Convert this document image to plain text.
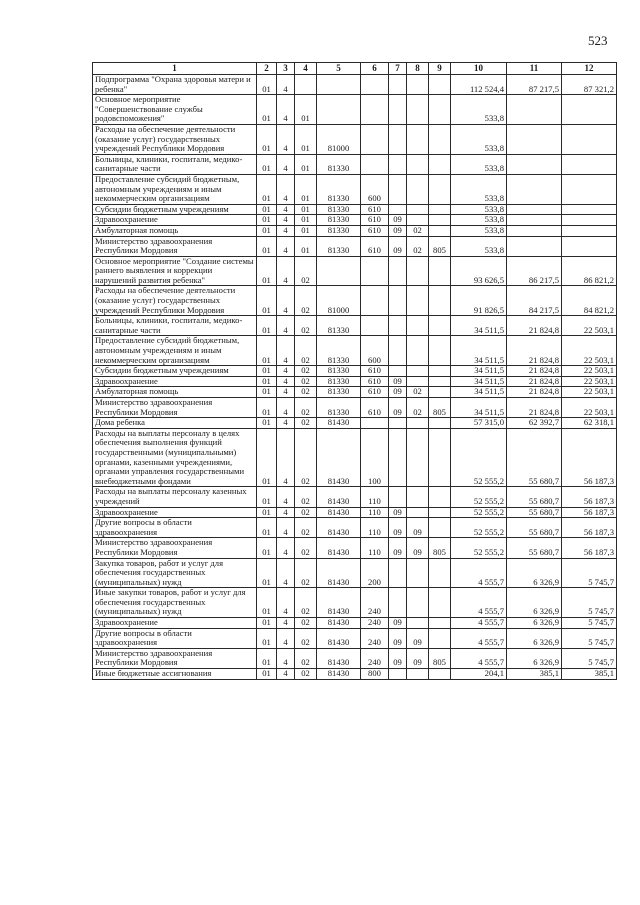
523
1	2	3	4	5	6	7	8	9	10	11	12
Подпрограмма "Охрана здоровья матери и ребенка"	01	4							112 524,4	87 217,5	87 321,2
Основное мероприятие "Совершенствование службы родовспоможения"	01	4	01						533,8		
Расходы на обеспечение деятельности (оказание услуг) государственных учреждений Республики Мордовия	01	4	01	81000					533,8		
Больницы, клиники, госпитали, медико-санитарные части	01	4	01	81330					533,8		
Предоставление субсидий бюджетным, автономным учреждениям и иным некоммерческим организациям	01	4	01	81330	600				533,8		
Субсидии бюджетным учреждениям	01	4	01	81330	610				533,8		
Здравоохранение	01	4	01	81330	610	09			533,8		
Амбулаторная помощь	01	4	01	81330	610	09	02		533,8		
Министерство здравоохранения Республики Мордовия	01	4	01	81330	610	09	02	805	533,8		
Основное мероприятие "Создание системы раннего выявления и коррекции нарушений развития ребенка"	01	4	02						93 626,5	86 217,5	86 821,2
Расходы на обеспечение деятельности (оказание услуг) государственных учреждений Республики Мордовия	01	4	02	81000					91 826,5	84 217,5	84 821,2
Больницы, клиники, госпитали, медико-санитарные части	01	4	02	81330					34 511,5	21 824,8	22 503,1
Предоставление субсидий бюджетным, автономным учреждениям и иным некоммерческим организациям	01	4	02	81330	600				34 511,5	21 824,8	22 503,1
Субсидии бюджетным учреждениям	01	4	02	81330	610				34 511,5	21 824,8	22 503,1
Здравоохранение	01	4	02	81330	610	09			34 511,5	21 824,8	22 503,1
Амбулаторная помощь	01	4	02	81330	610	09	02		34 511,5	21 824,8	22 503,1
Министерство здравоохранения Республики Мордовия	01	4	02	81330	610	09	02	805	34 511,5	21 824,8	22 503,1
Дома ребенка	01	4	02	81430					57 315,0	62 392,7	62 318,1
Расходы на выплаты персоналу в целях обеспечения выполнения функций государственными (муниципальными) органами, казенными учреждениями, органами управления государственными внебюджетными фондами	01	4	02	81430	100				52 555,2	55 680,7	56 187,3
Расходы на выплаты персоналу казенных учреждений	01	4	02	81430	110				52 555,2	55 680,7	56 187,3
Здравоохранение	01	4	02	81430	110	09			52 555,2	55 680,7	56 187,3
Другие вопросы в области здравоохранения	01	4	02	81430	110	09	09		52 555,2	55 680,7	56 187,3
Министерство здравоохранения Республики Мордовия	01	4	02	81430	110	09	09	805	52 555,2	55 680,7	56 187,3
Закупка товаров, работ и услуг для обеспечения государственных (муниципальных) нужд	01	4	02	81430	200				4 555,7	6 326,9	5 745,7
Иные закупки товаров, работ и услуг для обеспечения государственных (муниципальных) нужд	01	4	02	81430	240				4 555,7	6 326,9	5 745,7
Здравоохранение	01	4	02	81430	240	09			4 555,7	6 326,9	5 745,7
Другие вопросы в области здравоохранения	01	4	02	81430	240	09	09		4 555,7	6 326,9	5 745,7
Министерство здравоохранения Республики Мордовия	01	4	02	81430	240	09	09	805	4 555,7	6 326,9	5 745,7
Иные бюджетные ассигнования	01	4	02	81430	800				204,1	385,1	385,1
